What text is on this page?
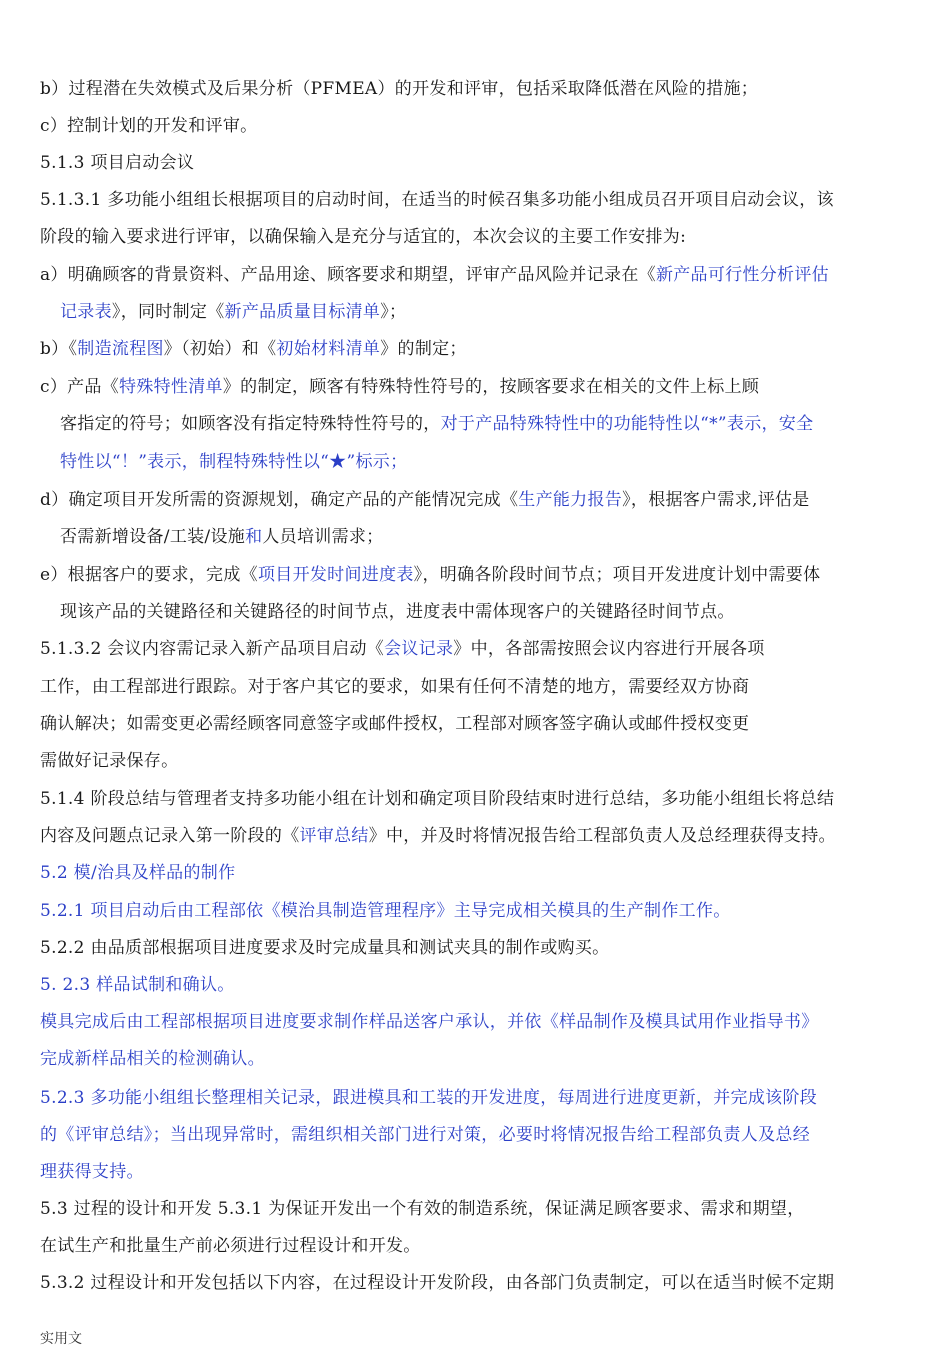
b）过程潜在失效模式及后果分析（PFMEA）的开发和评审，包括采取降低潜在风险的措施；
c）控制计划的开发和评审。
5.1.3 项目启动会议
5.1.3.1 多功能小组组长根据项目的启动时间，在适当的时候召集多功能小组成员召开项目启动会议，该
阶段的输入要求进行评审，以确保输入是充分与适宜的，本次会议的主要工作安排为:
a）明确顾客的背景资料、产品用途、顾客要求和期望，评审产品风险并记录在《新产品可行性分析评估
记录表》，同时制定《新产品质量目标清单》；
b）《制造流程图》（初始）和《初始材料清单》的制定；
c）产品《特殊特性清单》的制定，顾客有特殊特性符号的，按顾客要求在相关的文件上标上顾
客指定的符号；如顾客没有指定特殊特性符号的，对于产品特殊特性中的功能特性以“*”表示，安全
特性以“！”表示，制程特殊特性以“★”标示；
d）确定项目开发所需的资源规划，确定产品的产能情况完成《生产能力报告》，根据客户需求,评估是
否需新增设备/工装/设施和人员培训需求；
e）根据客户的要求，完成《项目开发时间进度表》，明确各阶段时间节点；项目开发进度计划中需要体
现该产品的关键路径和关键路径的时间节点，进度表中需体现客户的关键路径时间节点。
5.1.3.2 会议内容需记录入新产品项目启动《会议记录》中，各部需按照会议内容进行开展各项
工作，由工程部进行跟踪。对于客户其它的要求，如果有任何不清楚的地方，需要经双方协商
确认解决；如需变更必需经顾客同意签字或邮件授权，工程部对顾客签字确认或邮件授权变更
需做好记录保存。
5.1.4 阶段总结与管理者支持多功能小组在计划和确定项目阶段结束时进行总结，多功能小组组长将总结
内容及问题点记录入第一阶段的《评审总结》中，并及时将情况报告给工程部负责人及总经理获得支持。
5.2 模/治具及样品的制作
5.2.1 项目启动后由工程部依《模治具制造管理程序》主导完成相关模具的生产制作工作。
5.2.2 由品质部根据项目进度要求及时完成量具和测试夹具的制作或购买。
5. 2.3 样品试制和确认。
模具完成后由工程部根据项目进度要求制作样品送客户承认，并依《样品制作及模具试用作业指导书》
完成新样品相关的检测确认。
5.2.3 多功能小组组长整理相关记录，跟进模具和工装的开发进度，每周进行进度更新，并完成该阶段
的《评审总结》；当出现异常时，需组织相关部门进行对策，必要时将情况报告给工程部负责人及总经
理获得支持。
5.3 过程的设计和开发 5.3.1 为保证开发出一个有效的制造系统，保证满足顾客要求、需求和期望，
在试生产和批量生产前必须进行过程设计和开发。
5.3.2 过程设计和开发包括以下内容，在过程设计开发阶段，由各部门负责制定，可以在适当时候不定期
实用文
